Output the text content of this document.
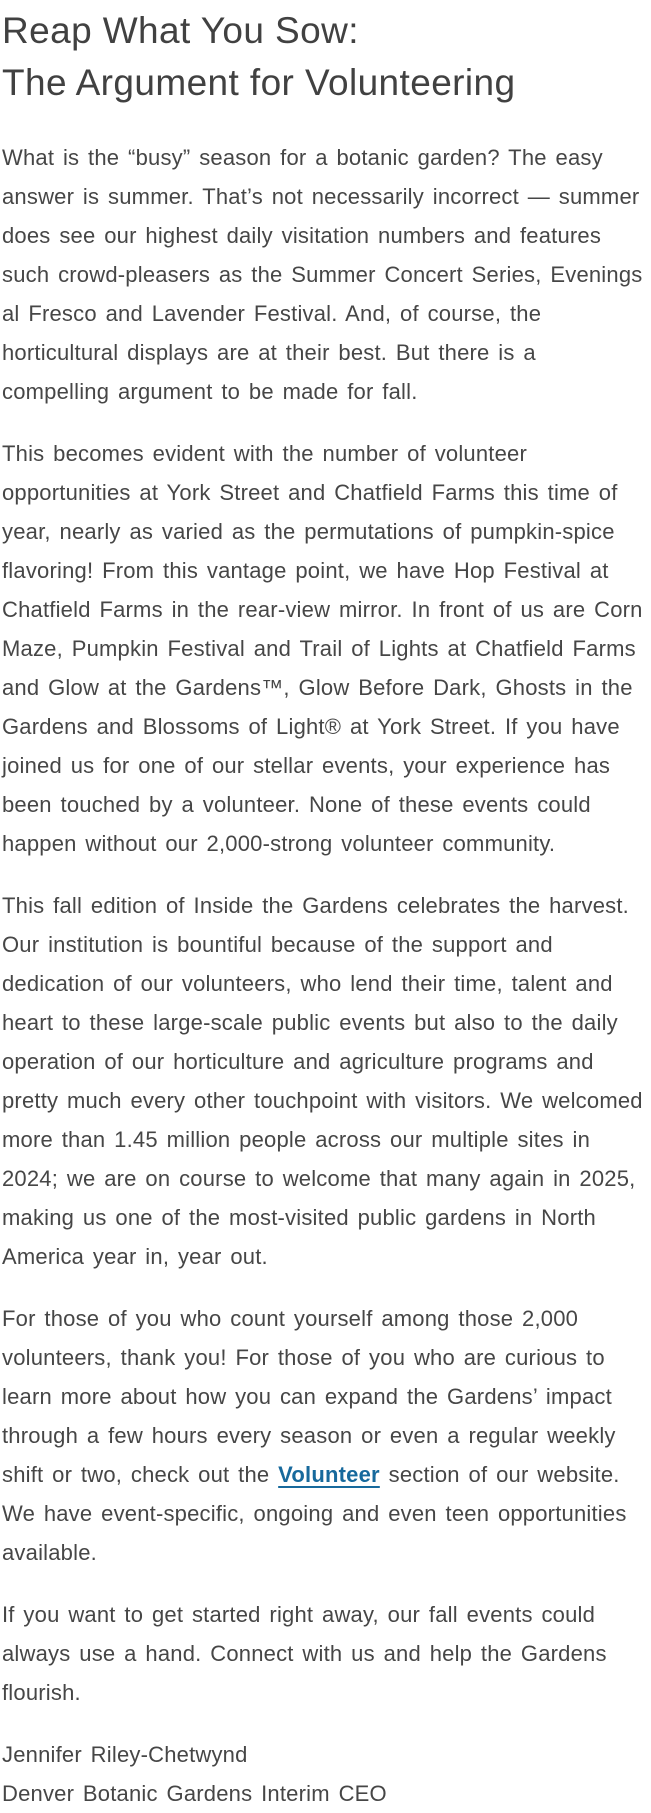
Reap What You Sow:
The Argument for Volunteering

What is the “busy” season for a botanic garden? The easy answer is summer. That’s not necessarily incorrect — summer does see our highest daily visitation numbers and features such crowd-pleasers as the Summer Concert Series, Evenings al Fresco and Lavender Festival. And, of course, the horticultural displays are at their best. But there is a compelling argument to be made for fall.

This becomes evident with the number of volunteer opportunities at York Street and Chatfield Farms this time of year, nearly as varied as the permutations of pumpkin-spice flavoring! From this vantage point, we have Hop Festival at Chatfield Farms in the rear-view mirror. In front of us are Corn Maze, Pumpkin Festival and Trail of Lights at Chatfield Farms and Glow at the Gardens™, Glow Before Dark, Ghosts in the Gardens and Blossoms of Light® at York Street. If you have joined us for one of our stellar events, your experience has been touched by a volunteer. None of these events could happen without our 2,000-strong volunteer community.

This fall edition of Inside the Gardens celebrates the harvest. Our institution is bountiful because of the support and dedication of our volunteers, who lend their time, talent and heart to these large-scale public events but also to the daily operation of our horticulture and agriculture programs and pretty much every other touchpoint with visitors. We welcomed more than 1.45 million people across our multiple sites in 2024; we are on course to welcome that many again in 2025, making us one of the most-visited public gardens in North America year in, year out.

For those of you who count yourself among those 2,000 volunteers, thank you! For those of you who are curious to learn more about how you can expand the Gardens’ impact through a few hours every season or even a regular weekly shift or two, check out the Volunteer section of our website. We have event-specific, ongoing and even teen opportunities available.

If you want to get started right away, our fall events could always use a hand. Connect with us and help the Gardens flourish.

Jennifer Riley-Chetwynd
Denver Botanic Gardens Interim CEO
